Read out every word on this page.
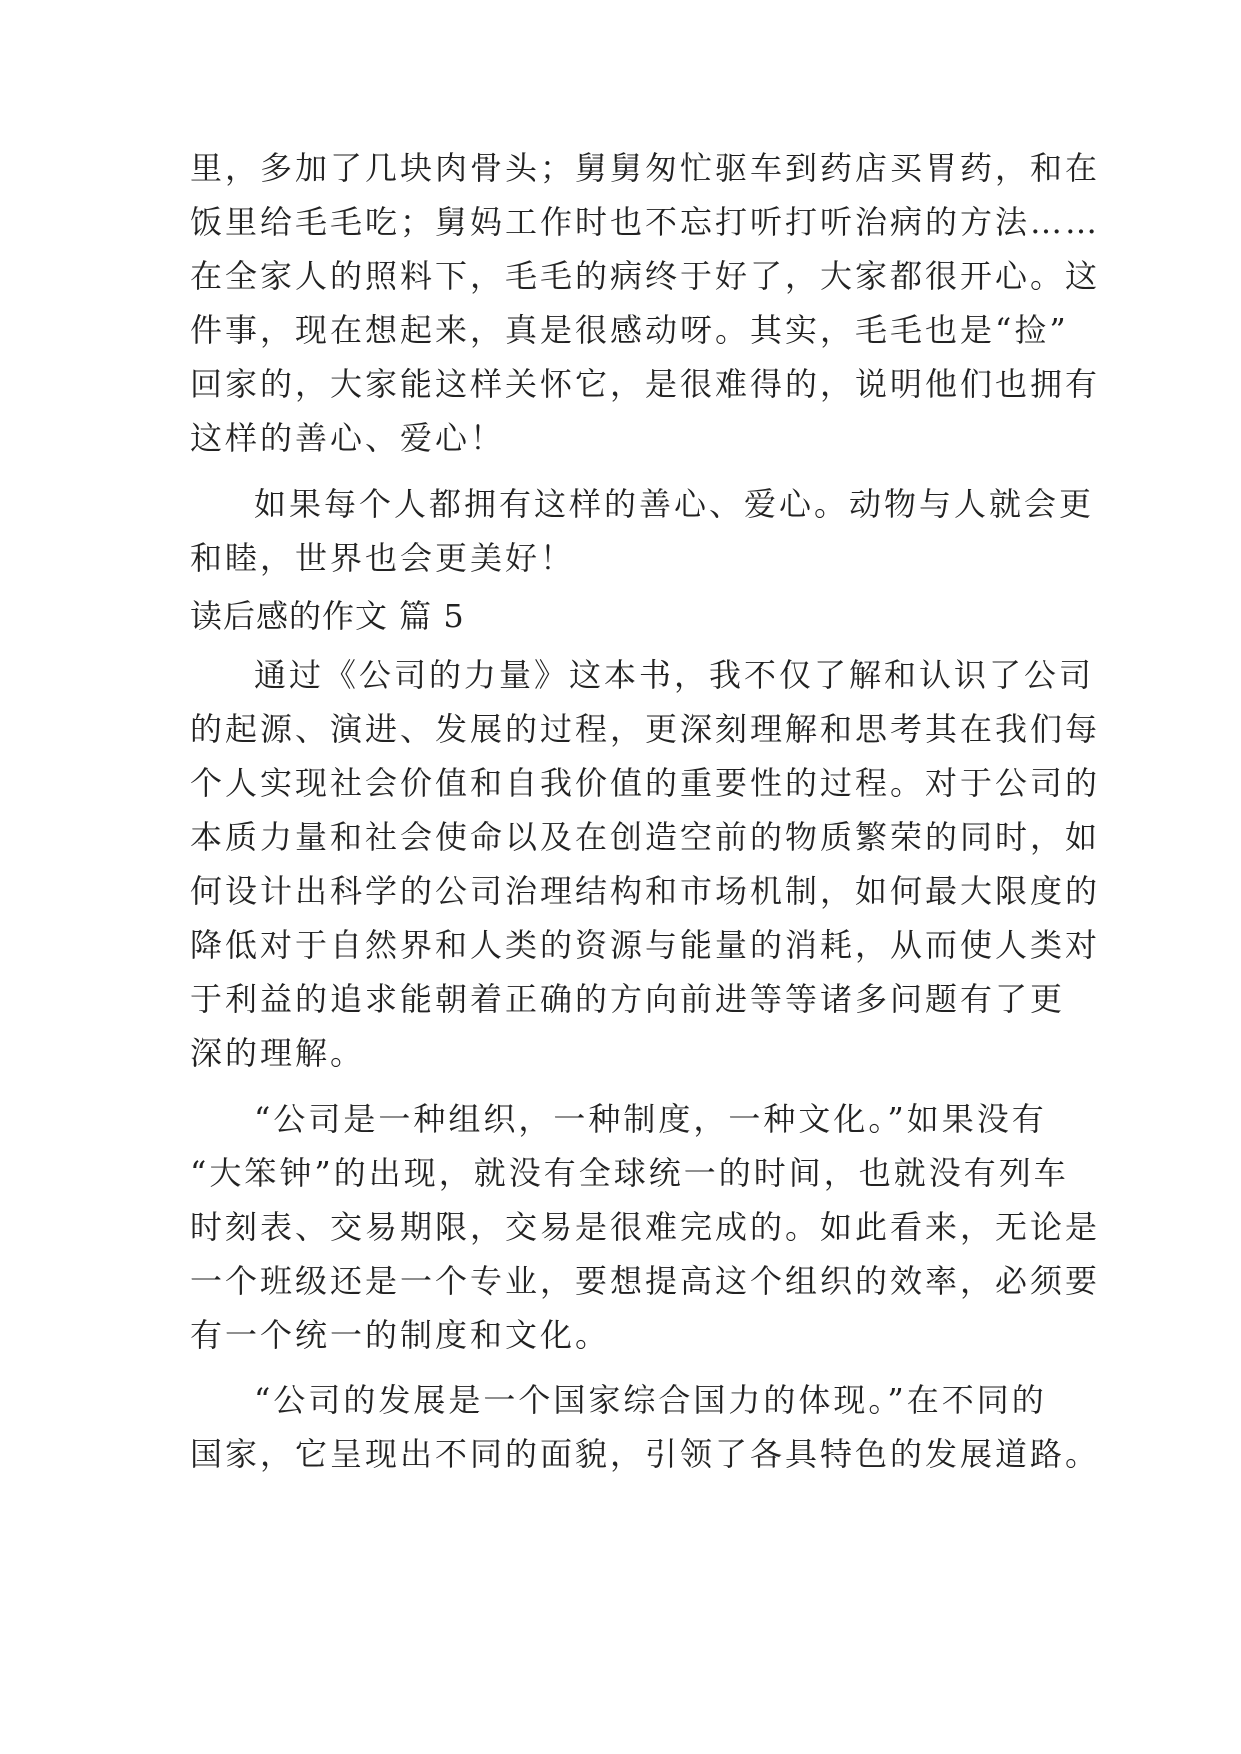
里，多加了几块肉骨头；舅舅匆忙驱车到药店买胃药，和在
饭里给毛毛吃；舅妈工作时也不忘打听打听治病的方法……
在全家人的照料下，毛毛的病终于好了，大家都很开心。这
件事，现在想起来，真是很感动呀。其实，毛毛也是“捡”
回家的，大家能这样关怀它，是很难得的，说明他们也拥有
这样的善心、爱心！
如果每个人都拥有这样的善心、爱心。动物与人就会更
和睦，世界也会更美好！
读后感的作文 篇 5
通过《公司的力量》这本书，我不仅了解和认识了公司
的起源、演进、发展的过程，更深刻理解和思考其在我们每
个人实现社会价值和自我价值的重要性的过程。对于公司的
本质力量和社会使命以及在创造空前的物质繁荣的同时，如
何设计出科学的公司治理结构和市场机制，如何最大限度的
降低对于自然界和人类的资源与能量的消耗，从而使人类对
于利益的追求能朝着正确的方向前进等等诸多问题有了更
深的理解。
“公司是一种组织，一种制度，一种文化。”如果没有
“大笨钟”的出现，就没有全球统一的时间，也就没有列车
时刻表、交易期限，交易是很难完成的。如此看来，无论是
一个班级还是一个专业，要想提高这个组织的效率，必须要
有一个统一的制度和文化。
“公司的发展是一个国家综合国力的体现。”在不同的
国家，它呈现出不同的面貌，引领了各具特色的发展道路。
